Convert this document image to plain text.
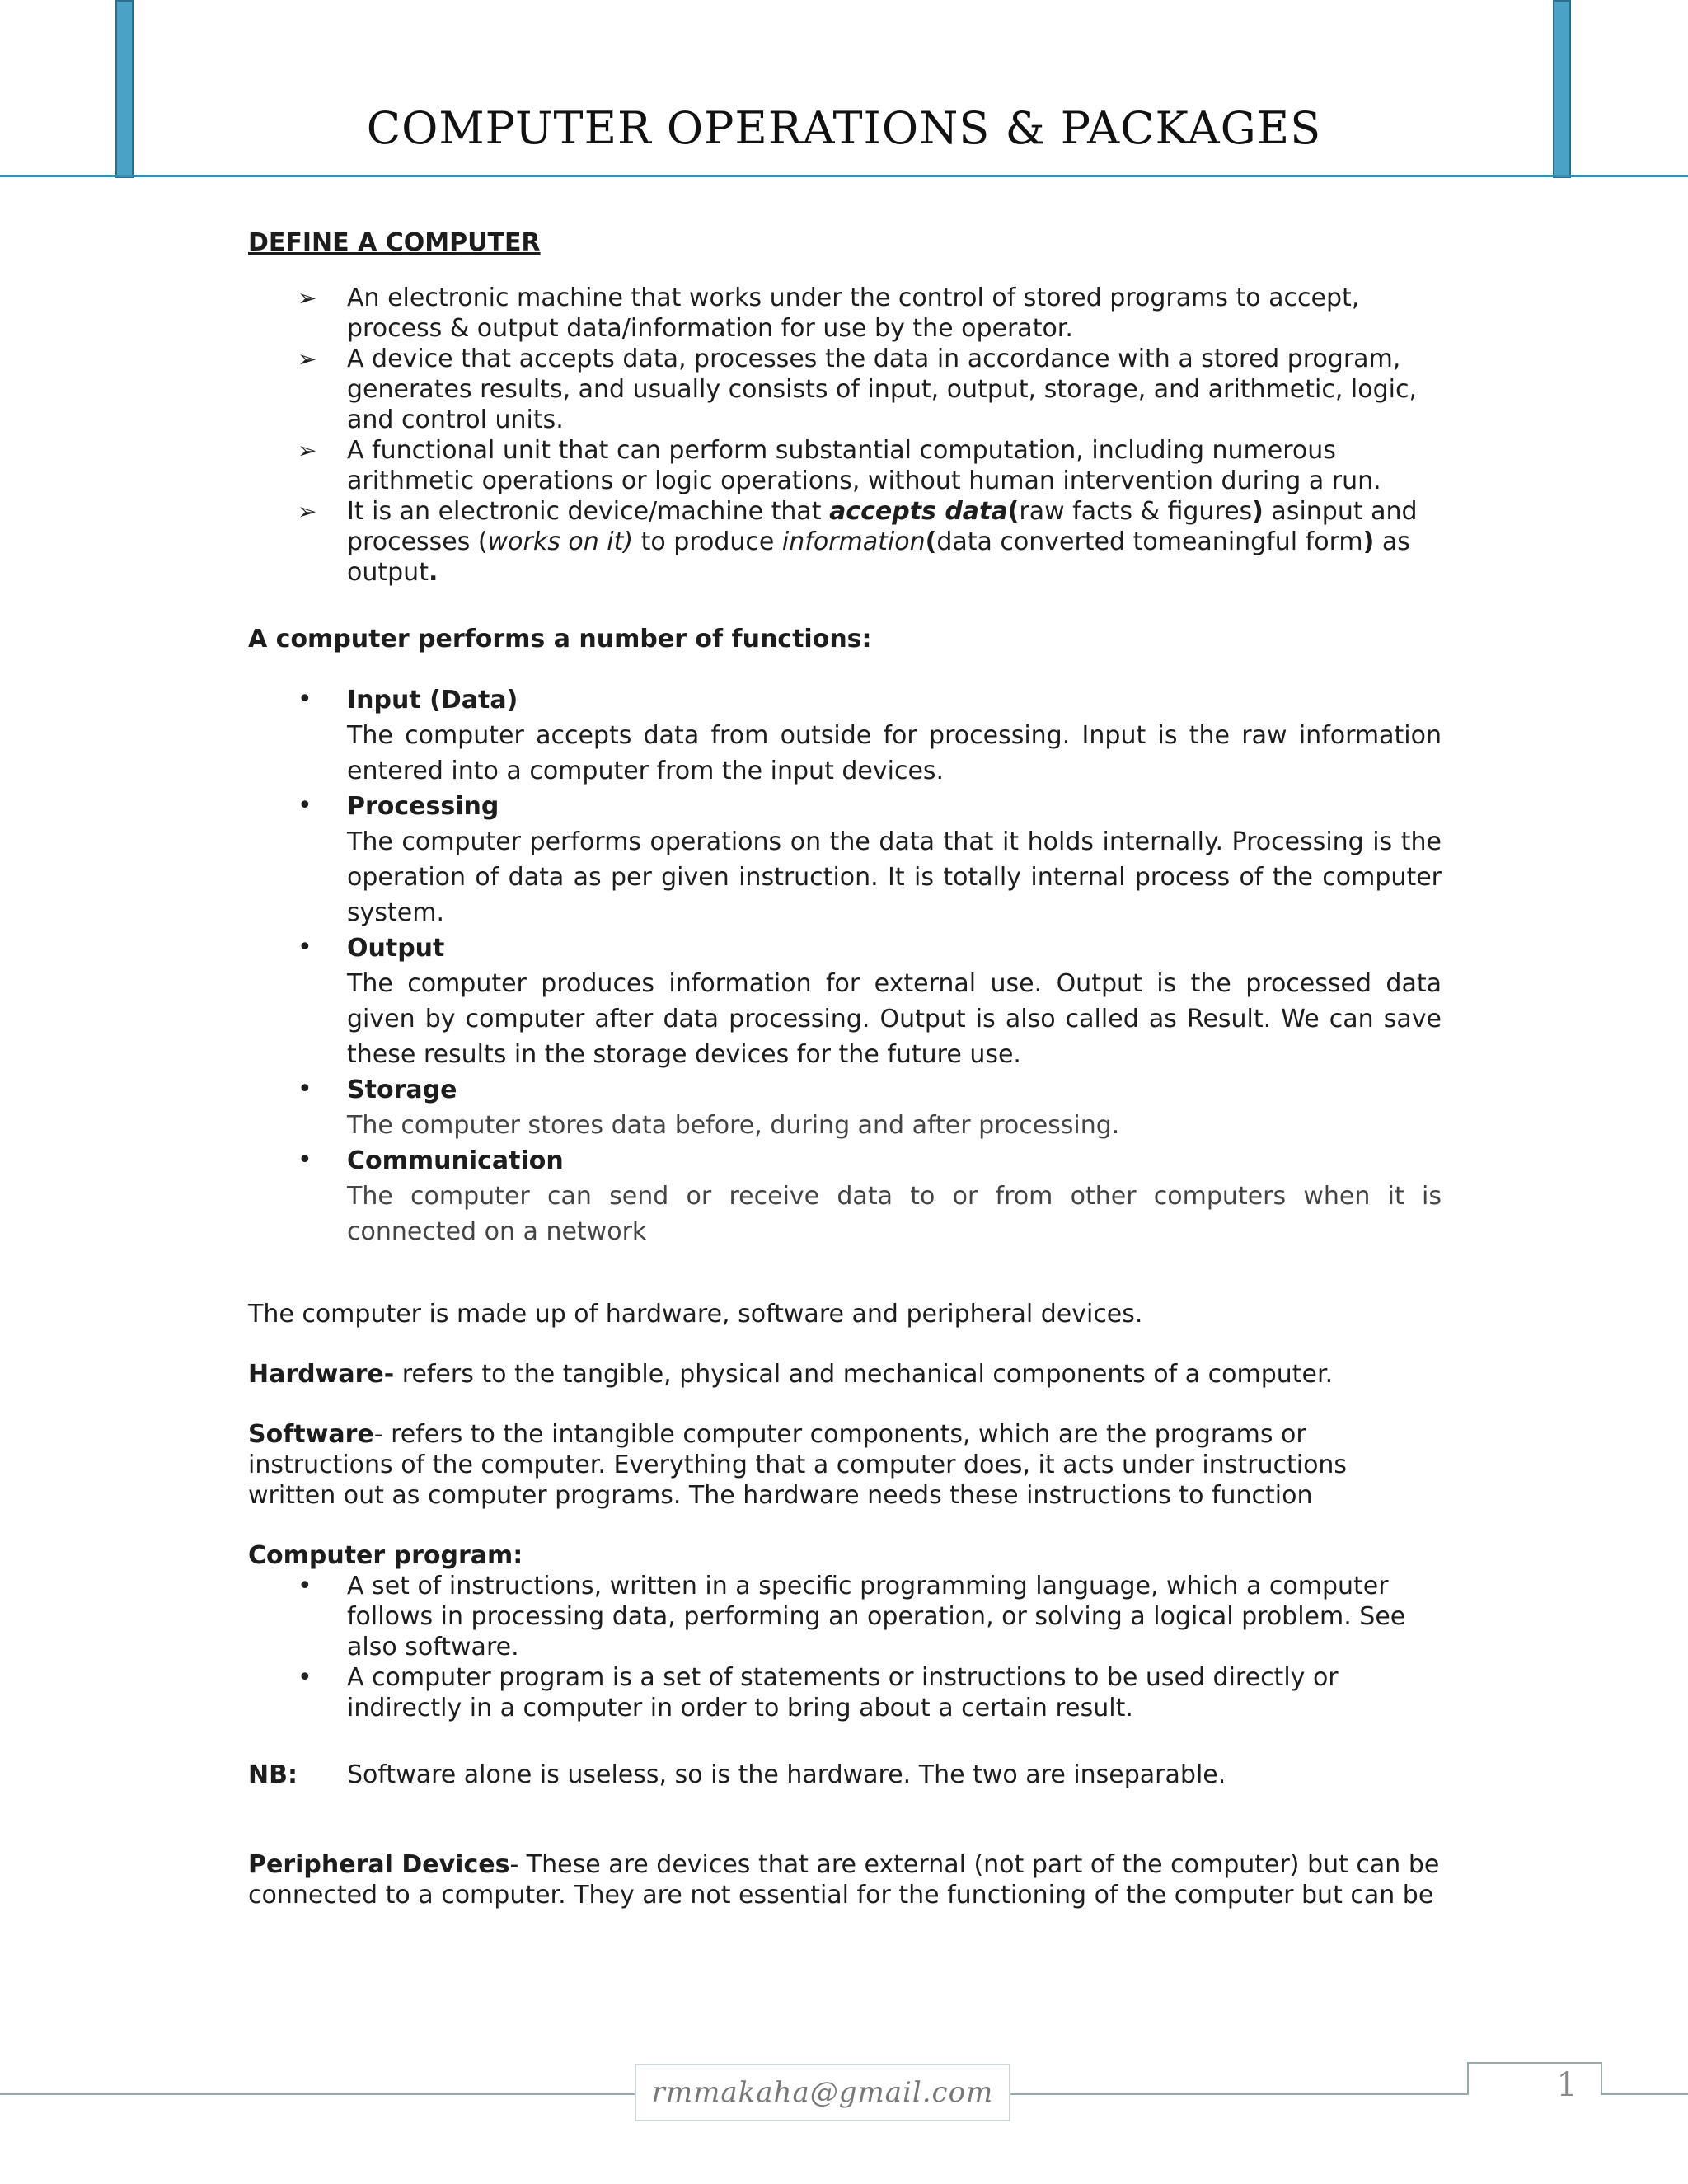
COMPUTER OPERATIONS & PACKAGES

DEFINE A COMPUTER

➢ An electronic machine that works under the control of stored programs to accept, process & output data/information for use by the operator.
➢ A device that accepts data, processes the data in accordance with a stored program, generates results, and usually consists of input, output, storage, and arithmetic, logic, and control units.
➢ A functional unit that can perform substantial computation, including numerous arithmetic operations or logic operations, without human intervention during a run.
➢ It is an electronic device/machine that accepts data(raw facts & figures) asinput and processes (works on it) to produce information(data converted tomeaningful form) as output.

A computer performs a number of functions:

• Input (Data)
The computer accepts data from outside for processing. Input is the raw information entered into a computer from the input devices.
• Processing
The computer performs operations on the data that it holds internally. Processing is the operation of data as per given instruction. It is totally internal process of the computer system.
• Output
The computer produces information for external use. Output is the processed data given by computer after data processing. Output is also called as Result. We can save these results in the storage devices for the future use.
• Storage
The computer stores data before, during and after processing.
• Communication
The computer can send or receive data to or from other computers when it is connected on a network

The computer is made up of hardware, software and peripheral devices.

Hardware- refers to the tangible, physical and mechanical components of a computer.

Software- refers to the intangible computer components, which are the programs or instructions of the computer. Everything that a computer does, it acts under instructions written out as computer programs. The hardware needs these instructions to function

Computer program:

• A set of instructions, written in a specific programming language, which a computer follows in processing data, performing an operation, or solving a logical problem. See also software.
• A computer program is a set of statements or instructions to be used directly or indirectly in a computer in order to bring about a certain result.
NB:	Software alone is useless, so is the hardware. The two are inseparable.

Peripheral Devices- These are devices that are external (not part of the computer) but can be connected to a computer. They are not essential for the functioning of the computer but can be

rmmakaha@gmail.com	1
